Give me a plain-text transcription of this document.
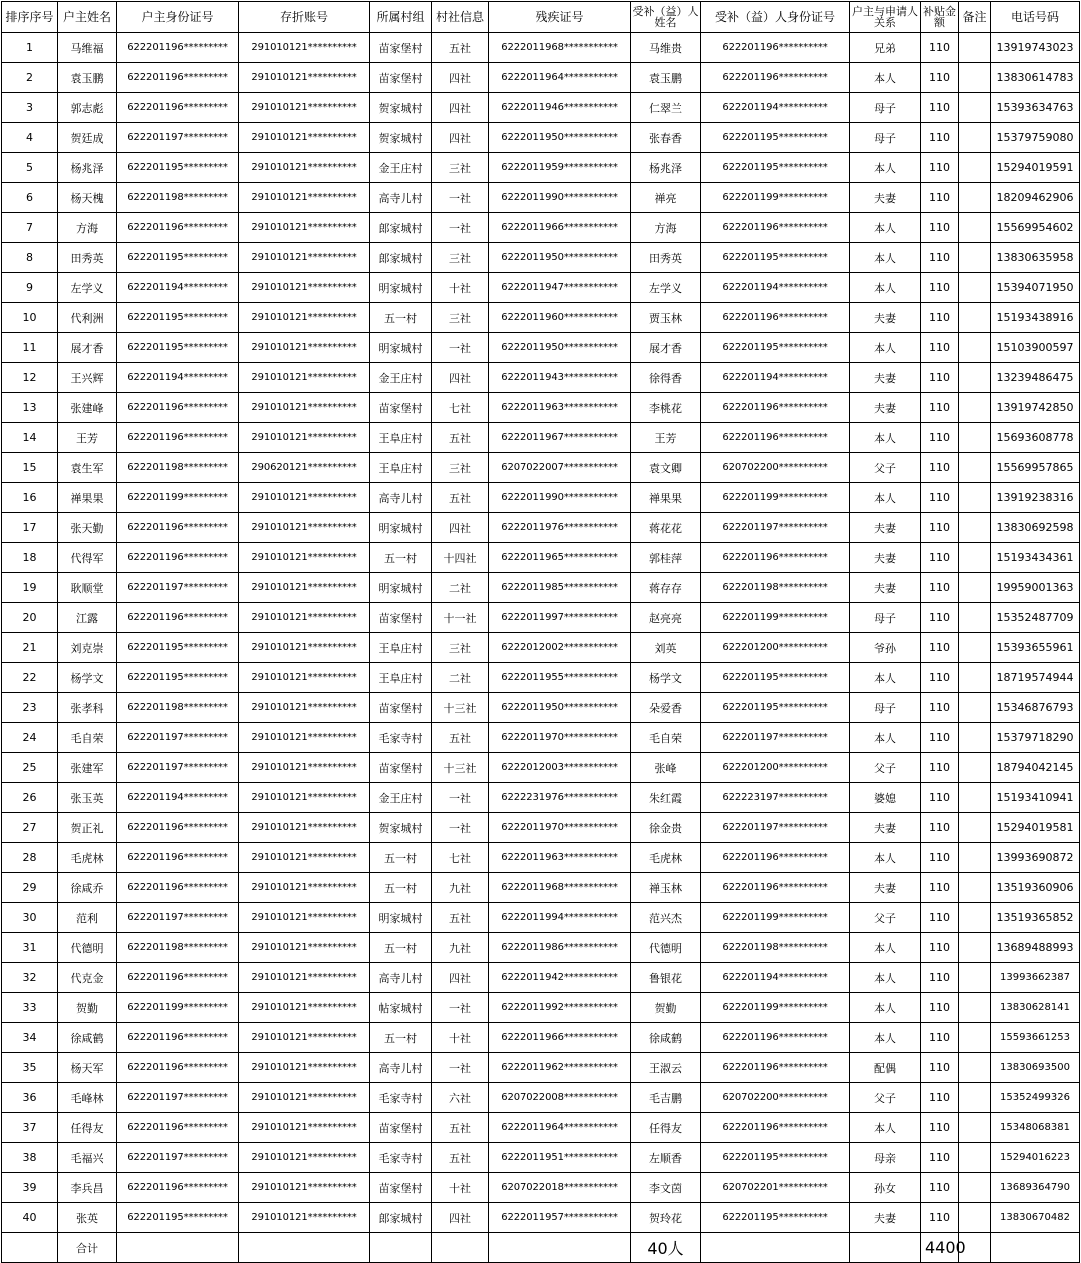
排序序号	户主姓名	户主身份证号	存折账号	所属村组	村社信息	残疾证号	受补（益）人姓名	受补（益）人身份证号	户主与申请人关系	补贴金额	备注	电话号码
1	马维福	622201196*********	291010121**********	苗家堡村	五社	6222011968***********	马维贵	622201196**********	兄弟	110		13919743023
2	袁玉鹏	622201196*********	291010121**********	苗家堡村	四社	6222011964***********	袁玉鹏	622201196**********	本人	110		13830614783
3	郭志彪	622201196*********	291010121**********	贺家城村	四社	6222011946***********	仁翠兰	622201194**********	母子	110		15393634763
4	贺廷成	622201197*********	291010121**********	贺家城村	四社	6222011950***********	张春香	622201195**********	母子	110		15379759080
5	杨兆泽	622201195*********	291010121**********	金王庄村	三社	6222011959***********	杨兆泽	622201195**********	本人	110		15294019591
6	杨天槐	622201198*********	291010121**********	高寺儿村	一社	6222011990***********	禅亮	622201199**********	夫妻	110		18209462906
7	方海	622201196*********	291010121**********	郎家城村	一社	6222011966***********	方海	622201196**********	本人	110		15569954602
8	田秀英	622201195*********	291010121**********	郎家城村	三社	6222011950***********	田秀英	622201195**********	本人	110		13830635958
9	左学义	622201194*********	291010121**********	明家城村	十社	6222011947***********	左学义	622201194**********	本人	110		15394071950
10	代利洲	622201195*********	291010121**********	五一村	三社	6222011960***********	贾玉林	622201196**********	夫妻	110		15193438916
11	展才香	622201195*********	291010121**********	明家城村	一社	6222011950***********	展才香	622201195**********	本人	110		15103900597
12	王兴辉	622201194*********	291010121**********	金王庄村	四社	6222011943***********	徐得香	622201194**********	夫妻	110		13239486475
13	张建峰	622201196*********	291010121**********	苗家堡村	七社	6222011963***********	李桃花	622201196**********	夫妻	110		13919742850
14	王芳	622201196*********	291010121**********	王阜庄村	五社	6222011967***********	王芳	622201196**********	本人	110		15693608778
15	袁生军	622201198*********	290620121**********	王阜庄村	三社	6207022007***********	袁文卿	620702200**********	父子	110		15569957865
16	禅果果	622201199*********	291010121**********	高寺儿村	五社	6222011990***********	禅果果	622201199**********	本人	110		13919238316
17	张天勤	622201196*********	291010121**********	明家城村	四社	6222011976***********	蒋花花	622201197**********	夫妻	110		13830692598
18	代得军	622201196*********	291010121**********	五一村	十四社	6222011965***********	郭桂萍	622201196**********	夫妻	110		15193434361
19	耿顺堂	622201197*********	291010121**********	明家城村	二社	6222011985***********	蒋存存	622201198**********	夫妻	110		19959001363
20	江露	622201196*********	291010121**********	苗家堡村	十一社	6222011997***********	赵亮亮	622201199**********	母子	110		15352487709
21	刘克崇	622201195*********	291010121**********	王阜庄村	三社	6222012002***********	刘英	622201200**********	爷孙	110		15393655961
22	杨学文	622201195*********	291010121**********	王阜庄村	二社	6222011955***********	杨学文	622201195**********	本人	110		18719574944
23	张孝科	622201198*********	291010121**********	苗家堡村	十三社	6222011950***********	朵爱香	622201195**********	母子	110		15346876793
24	毛自荣	622201197*********	291010121**********	毛家寺村	五社	6222011970***********	毛自荣	622201197**********	本人	110		15379718290
25	张建军	622201197*********	291010121**********	苗家堡村	十三社	6222012003***********	张峰	622201200**********	父子	110		18794042145
26	张玉英	622201194*********	291010121**********	金王庄村	一社	6222231976***********	朱红霞	622223197**********	婆媳	110		15193410941
27	贺正礼	622201196*********	291010121**********	贺家城村	一社	6222011970***********	徐金贵	622201197**********	夫妻	110		15294019581
28	毛虎林	622201196*********	291010121**********	五一村	七社	6222011963***********	毛虎林	622201196**********	本人	110		13993690872
29	徐咸乔	622201196*********	291010121**********	五一村	九社	6222011968***********	禅玉林	622201196**********	夫妻	110		13519360906
30	范利	622201197*********	291010121**********	明家城村	五社	6222011994***********	范兴杰	622201199**********	父子	110		13519365852
31	代德明	622201198*********	291010121**********	五一村	九社	6222011986***********	代德明	622201198**********	本人	110		13689488993
32	代克金	622201196*********	291010121**********	高寺儿村	四社	6222011942***********	鲁银花	622201194**********	本人	110		13993662387
33	贺勤	622201199*********	291010121**********	帖家城村	一社	6222011992***********	贺勤	622201199**********	本人	110		13830628141
34	徐咸鹤	622201196*********	291010121**********	五一村	十社	6222011966***********	徐咸鹤	622201196**********	本人	110		15593661253
35	杨天军	622201196*********	291010121**********	高寺儿村	一社	6222011962***********	王淑云	622201196**********	配偶	110		13830693500
36	毛峰林	622201197*********	291010121**********	毛家寺村	六社	6207022008***********	毛吉鹏	620702200**********	父子	110		15352499326
37	任得友	622201196*********	291010121**********	苗家堡村	五社	6222011964***********	任得友	622201196**********	本人	110		15348068381
38	毛福兴	622201197*********	291010121**********	毛家寺村	五社	6222011951***********	左顺香	622201195**********	母亲	110		15294016223
39	李兵昌	622201196*********	291010121**********	苗家堡村	十社	6207022018***********	李文茵	620702201**********	孙女	110		13689364790
40	张英	622201195*********	291010121**********	郎家城村	四社	6222011957***********	贺玲花	622201195**********	夫妻	110		13830670482
	合计						40人			4400		
